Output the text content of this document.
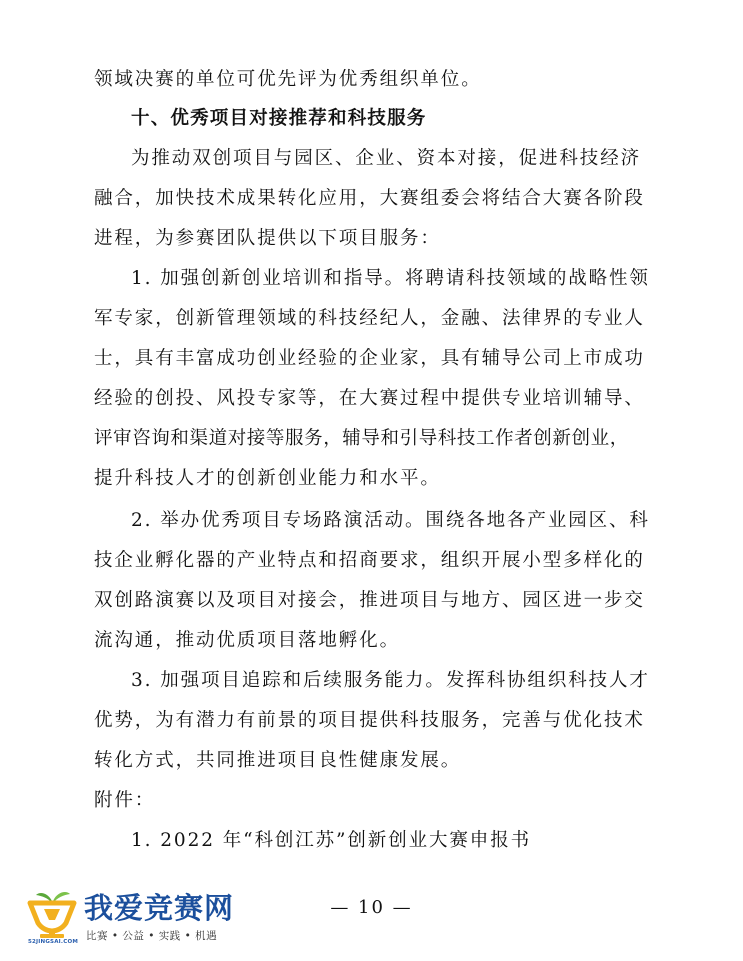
领域决赛的单位可优先评为优秀组织单位。
十、优秀项目对接推荐和科技服务
为推动双创项目与园区、企业、资本对接，促进科技经济
融合，加快技术成果转化应用，大赛组委会将结合大赛各阶段
进程，为参赛团队提供以下项目服务：
1. 加强创新创业培训和指导。将聘请科技领域的战略性领
军专家，创新管理领域的科技经纪人，金融、法律界的专业人
士，具有丰富成功创业经验的企业家，具有辅导公司上市成功
经验的创投、风投专家等，在大赛过程中提供专业培训辅导、
评审咨询和渠道对接等服务，辅导和引导科技工作者创新创业，
提升科技人才的创新创业能力和水平。
2. 举办优秀项目专场路演活动。围绕各地各产业园区、科
技企业孵化器的产业特点和招商要求，组织开展小型多样化的
双创路演赛以及项目对接会，推进项目与地方、园区进一步交
流沟通，推动优质项目落地孵化。
3. 加强项目追踪和后续服务能力。发挥科协组织科技人才
优势，为有潜力有前景的项目提供科技服务，完善与优化技术
转化方式，共同推进项目良性健康发展。
附件：
1. 2022 年“科创江苏”创新创业大赛申报书
— 10 —
52JINGSAI.COM
我爱竞赛网
比赛 • 公益 • 实践 • 机遇
